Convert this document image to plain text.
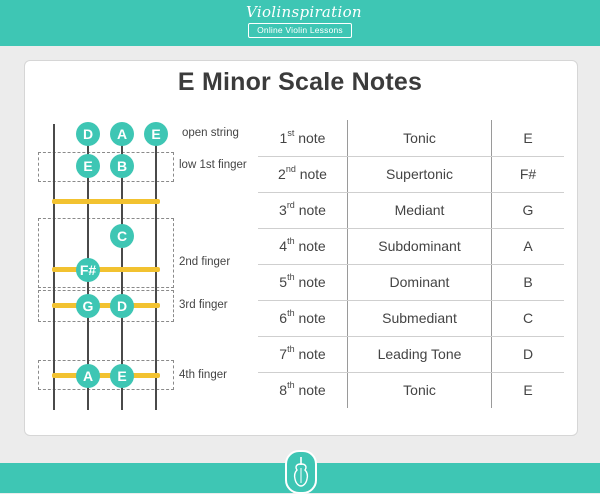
Violinspiration
Online Violin Lessons
E Minor Scale Notes
D	A	E
E	B
C
F#
G	D
A	E
open string
low 1st finger
2nd finger
3rd finger
4th finger
1st note	Tonic	E
2nd note	Supertonic	F#
3rd note	Mediant	G
4th note	Subdominant	A
5th note	Dominant	B
6th note	Submediant	C
7th note	Leading Tone	D
8th note	Tonic	E
